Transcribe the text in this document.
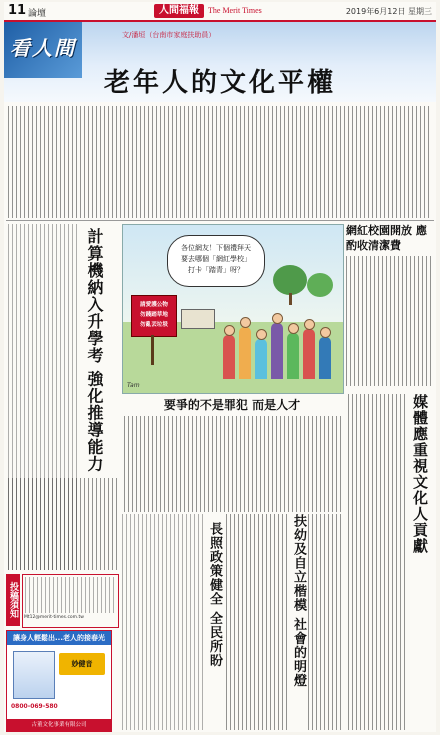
11 論壇	人間福報	The Merit Times	2019年6月12日 星期三
看人間
文/潘垣（台南市家庭扶助員）
老年人的文化平權
計算機納入升學考 強化推導能力	網紅校園開放 應酌收清潔費
各位網友！下個禮拜天
要去哪個「網紅學校」
打卡「踏青」呀？
請愛護公物
勿踐踏草地
勿亂丟垃圾
Tam
要爭的不是罪犯 而是人才	媒體應重視文化人貢獻
扶幼及自立楷模 社會的明燈
長照政策健全 全民所盼
投稿須知	Mt12@merit-times.com.tw
讓身人輕鬆出...老人的接春光
妙健音
0800-069-580
古董文化事業有限公司
